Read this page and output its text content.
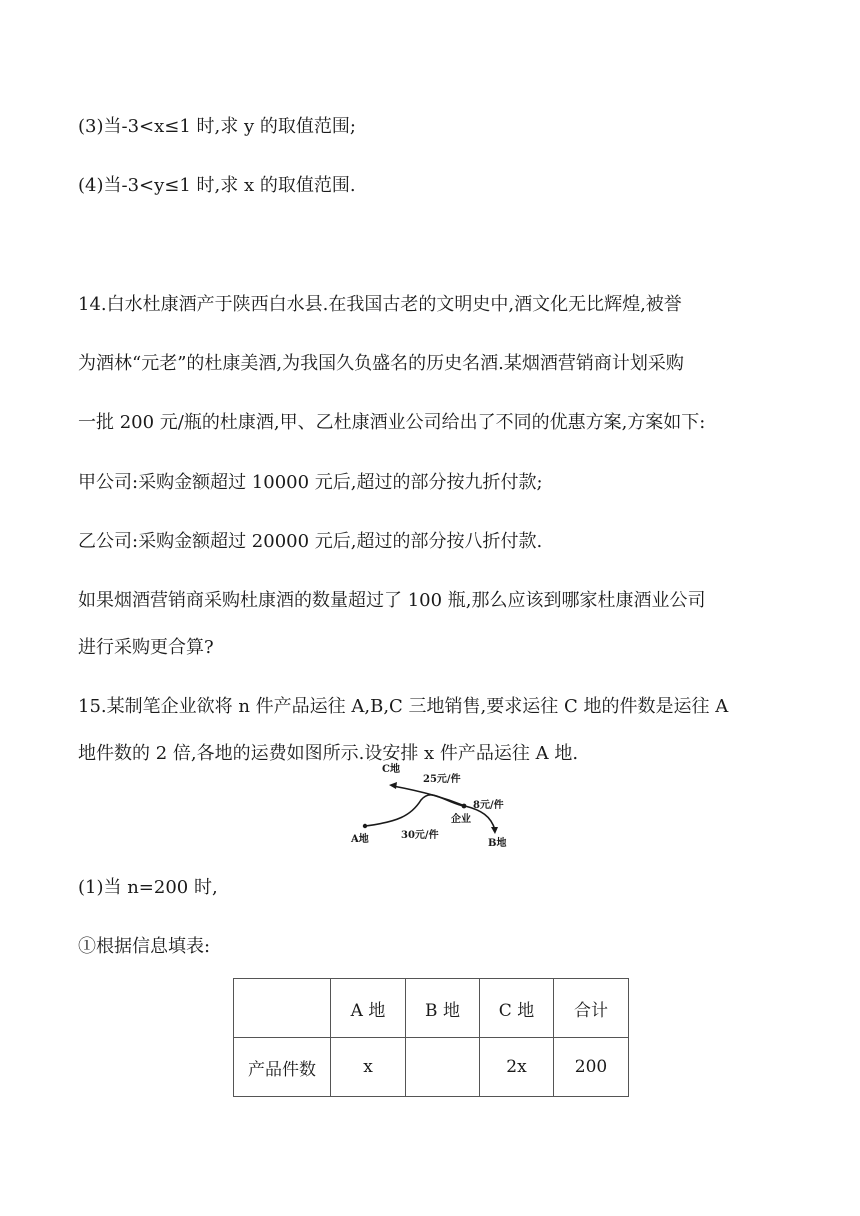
(3)当-3<x≤1 时,求 y 的取值范围;

(4)当-3<y≤1 时,求 x 的取值范围.

14.白水杜康酒产于陕西白水县.在我国古老的文明史中,酒文化无比辉煌,被誉

为酒林“元老”的杜康美酒,为我国久负盛名的历史名酒.某烟酒营销商计划采购

一批 200 元/瓶的杜康酒,甲、乙杜康酒业公司给出了不同的优惠方案,方案如下:

甲公司:采购金额超过 10000 元后,超过的部分按九折付款;

乙公司:采购金额超过 20000 元后,超过的部分按八折付款.

如果烟酒营销商采购杜康酒的数量超过了 100 瓶,那么应该到哪家杜康酒业公司

进行采购更合算?

15.某制笔企业欲将 n 件产品运往 A,B,C 三地销售,要求运往 C 地的件数是运往 A

地件数的 2 倍,各地的运费如图所示.设安排 x 件产品运往 A 地.

C地
25元/件
8元/件
企业
A地	30元/件
B地

(1)当 n=200 时,

①根据信息填表:

	A 地	B 地	C 地	合计
产品件数	x		2x	200
